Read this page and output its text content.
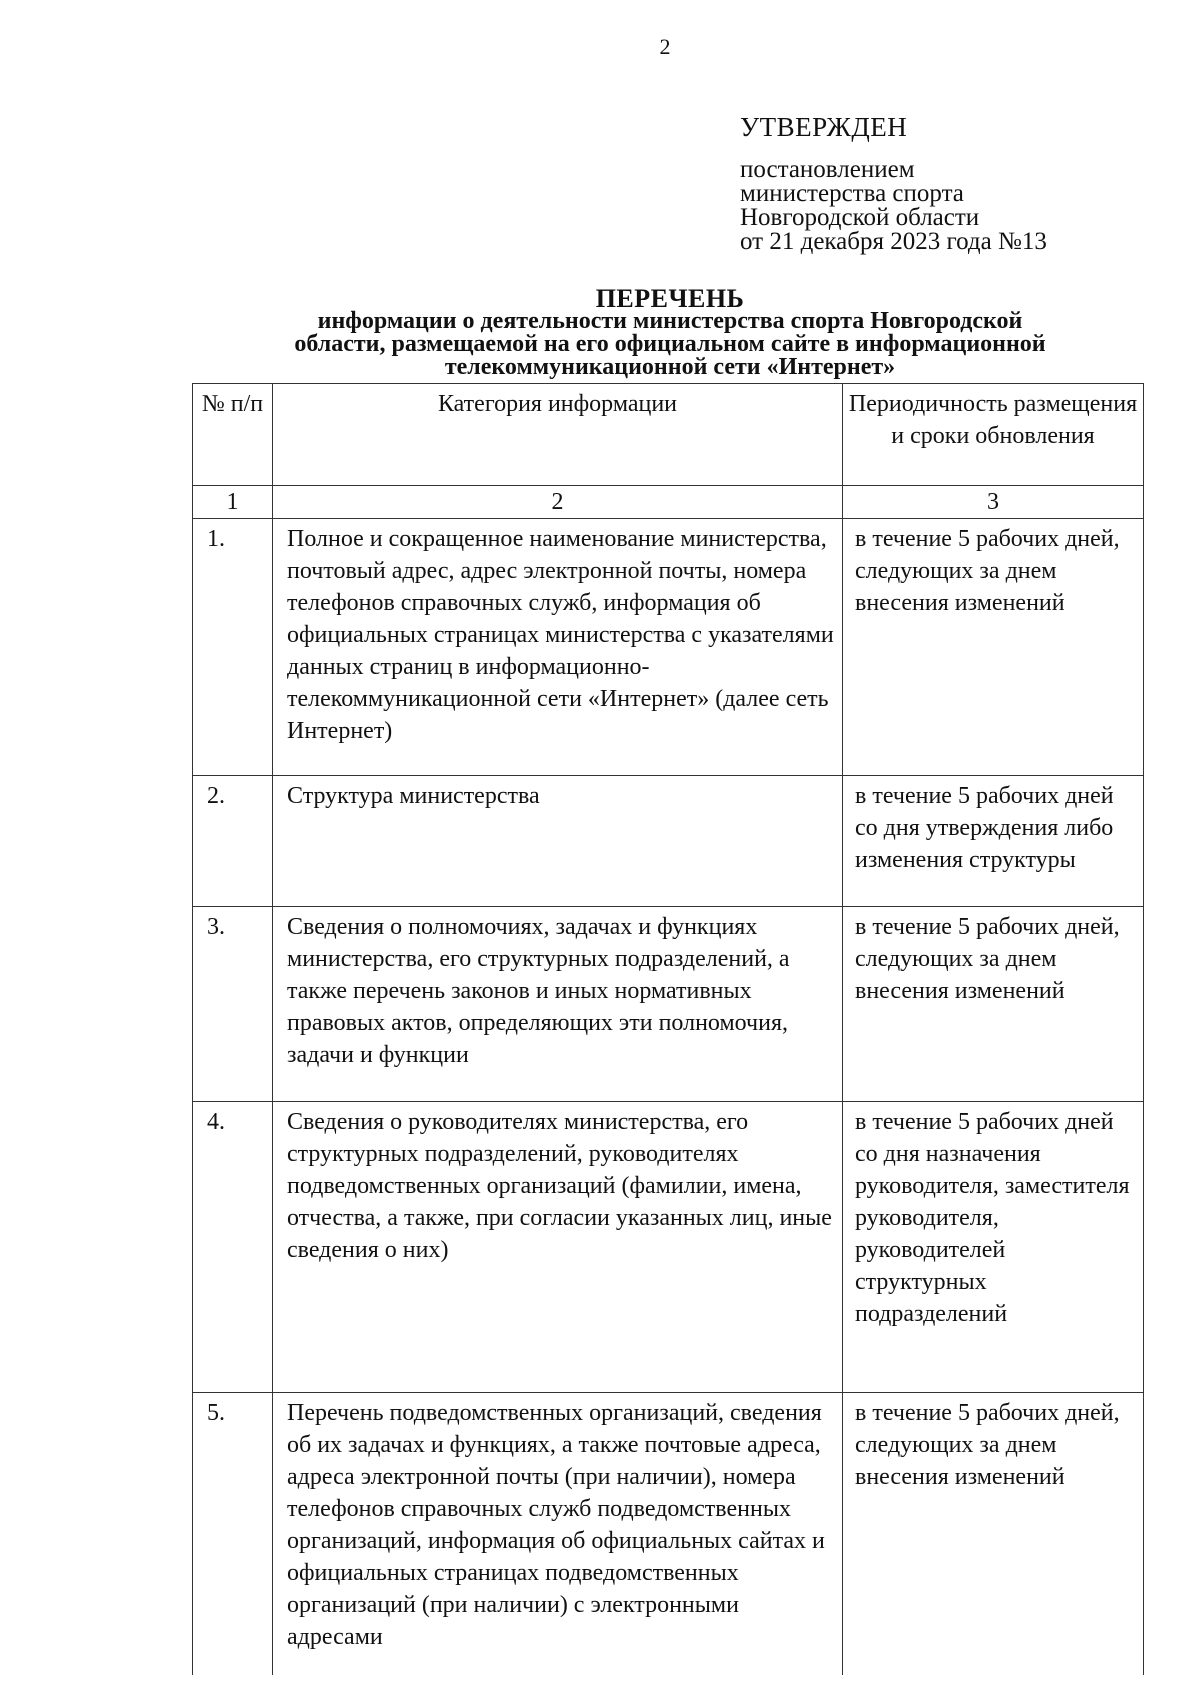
2
УТВЕРЖДЕН
постановлением
министерства спорта
Новгородской области
от 21 декабря 2023 года №13
ПЕРЕЧЕНЬ
информации о деятельности министерства спорта Новгородской
области, размещаемой на его официальном сайте в информационной
телекоммуникационной сети «Интернет»
№ п/п	Категория информации	Периодичность размещения и сроки обновления
1	2	3
1.	Полное и сокращенное наименование министерства, почтовый адрес, адрес электронной почты, номера телефонов справочных служб, информация об официальных страницах министерства с указателями данных страниц в информационно-телекоммуникационной сети «Интернет» (далее сеть Интернет)	в течение 5 рабочих дней, следующих за днем внесения изменений
2.	Структура министерства	в течение 5 рабочих дней со дня утверждения либо изменения структуры
3.	Сведения о полномочиях, задачах и функциях министерства, его структурных подразделений, а также перечень законов и иных нормативных правовых актов, определяющих эти полномочия, задачи и функции	в течение 5 рабочих дней, следующих за днем внесения изменений
4.	Сведения о руководителях министерства, его структурных подразделений, руководителях подведомственных организаций (фамилии, имена, отчества, а также, при согласии указанных лиц, иные сведения о них)	в течение 5 рабочих дней со дня назначения руководителя, заместителя руководителя, руководителей структурных подразделений
5.	Перечень подведомственных организаций, сведения об их задачах и функциях, а также почтовые адреса, адреса электронной почты (при наличии), номера телефонов справочных служб подведомственных организаций, информация об официальных сайтах и официальных страницах подведомственных организаций (при наличии) с электронными адресами	в течение 5 рабочих дней, следующих за днем внесения изменений
